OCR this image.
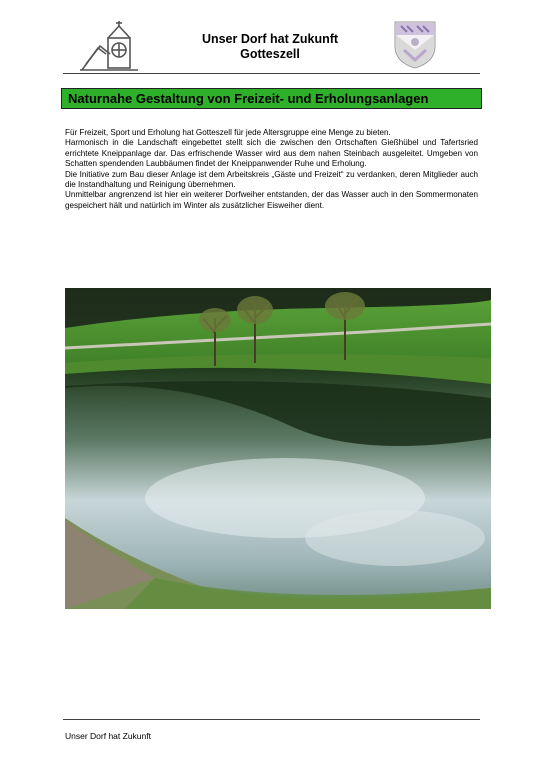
Unser Dorf hat Zukunft
Gotteszell
Naturnahe Gestaltung von Freizeit- und Erholungsanlagen

Für Freizeit, Sport und Erholung hat Gotteszell für jede Altersgruppe eine Menge zu bieten.

Harmonisch in die Landschaft eingebettet stellt sich die zwischen den Ortschaften Gießhübel und Tafertsried errichtete Kneippanlage dar. Das erfrischende Wasser wird aus dem nahen Steinbach ausgeleitet. Umgeben von Schatten spendenden Laubbäumen findet der Kneippanwender Ruhe und Erholung.

Die Initiative zum Bau dieser Anlage ist dem Arbeitskreis „Gäste und Freizeit“ zu verdanken, deren Mitglieder auch die Instandhaltung und Reinigung übernehmen.

Unmittelbar angrenzend ist hier ein weiterer Dorfweiher entstanden, der das Wasser auch in den Sommermonaten gespeichert hält und natürlich im Winter als zusätzlicher Eisweiher dient.

Unser Dorf hat Zukunft
